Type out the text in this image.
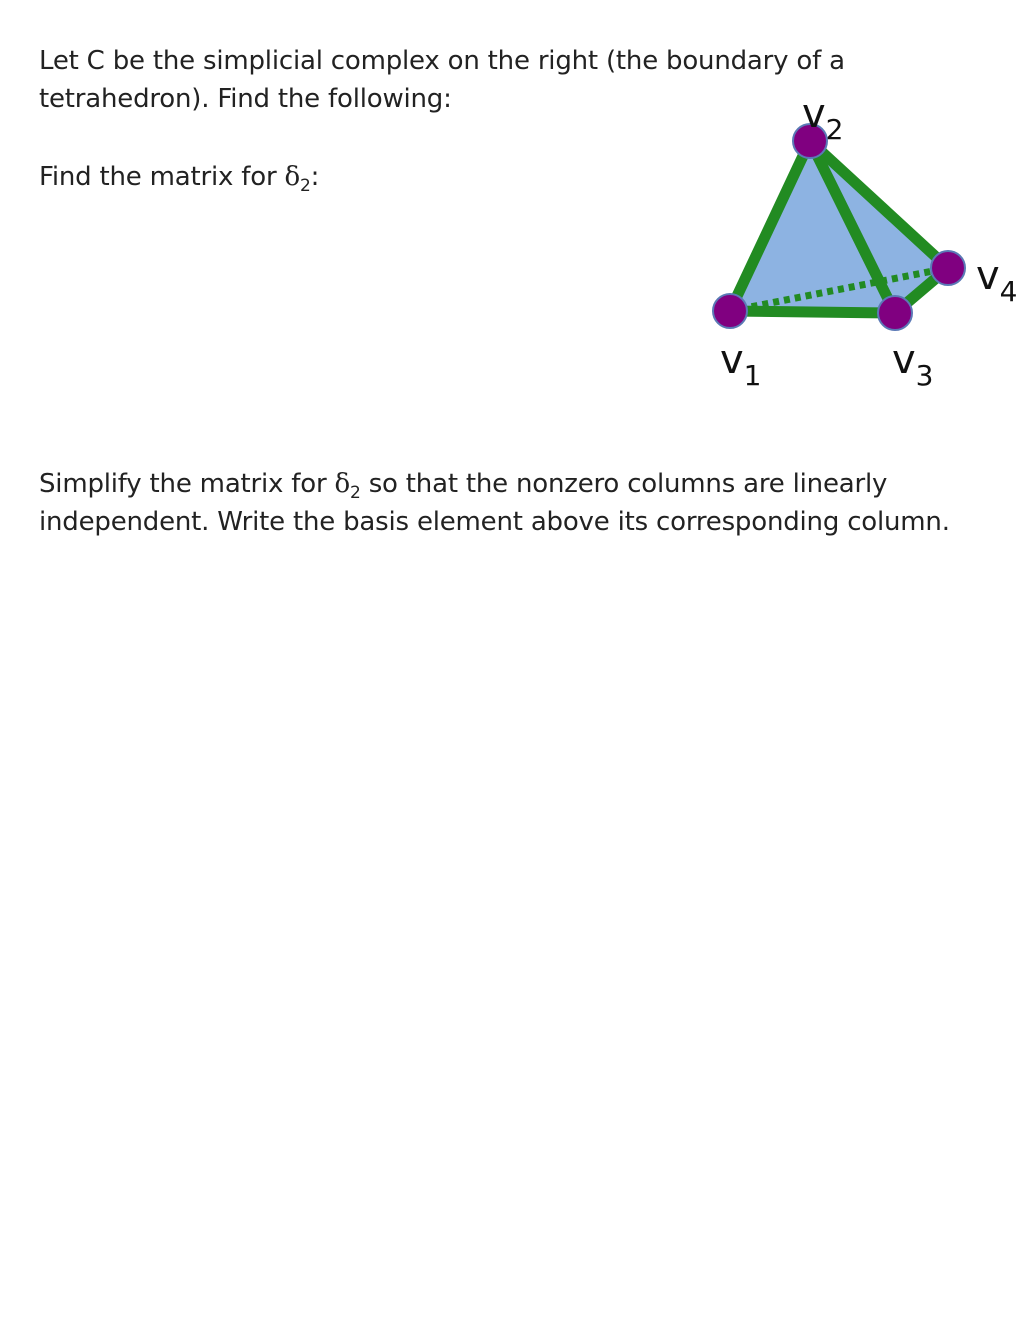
Let C be the simplicial complex on the right (the boundary of a
tetrahedron). Find the following:
Find the matrix for $\delta_2$:
Simplify the matrix for $\delta_2$ so that the nonzero columns are linearly
independent. Write the basis element above its corresponding column.
v2
v4
v1	v3
